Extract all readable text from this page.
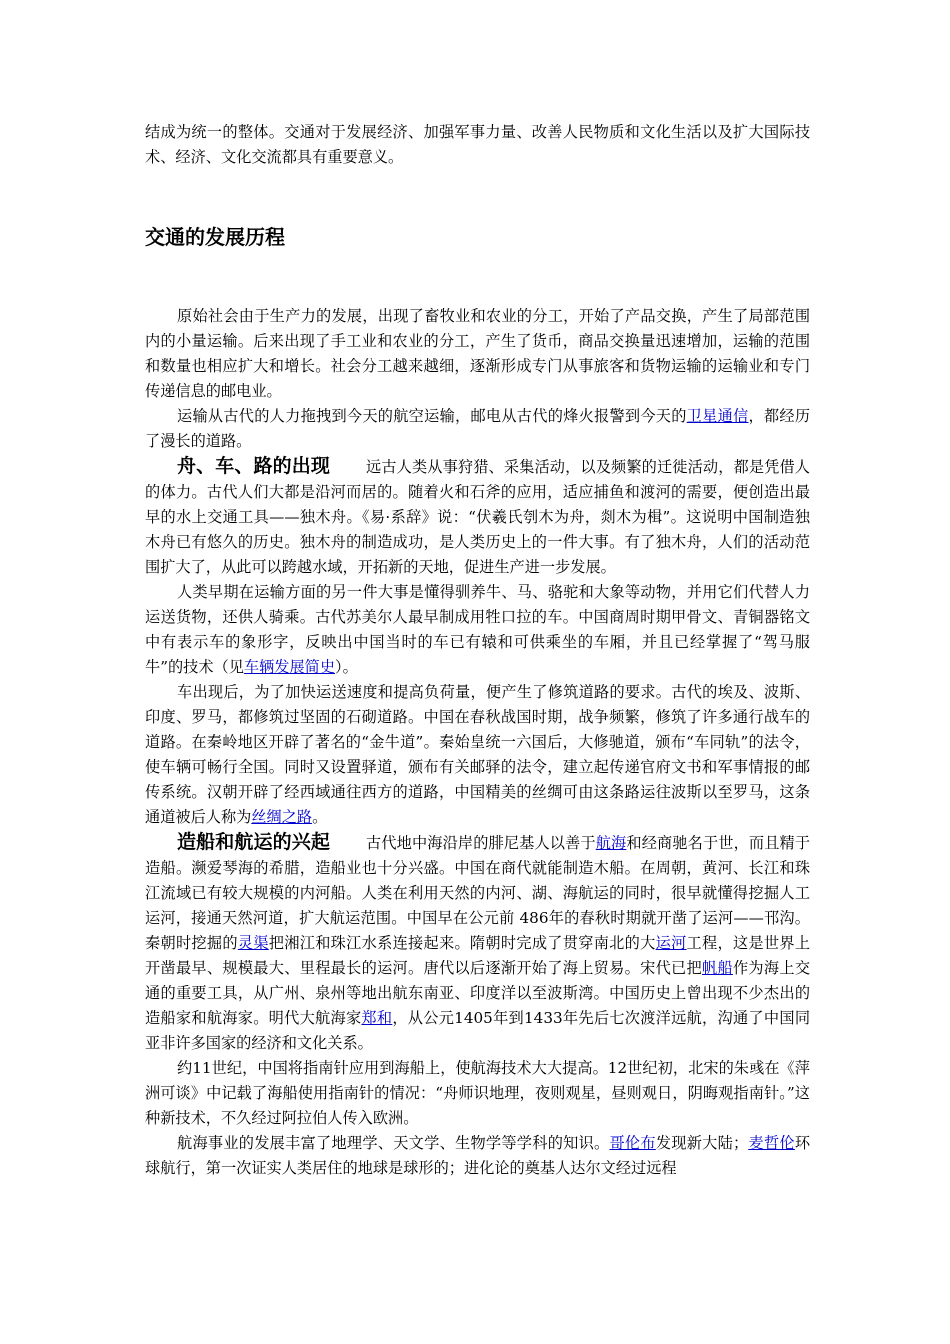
结成为统一的整体。交通对于发展经济、加强军事力量、改善人民物质和文化生活以及扩大国际技术、经济、文化交流都具有重要意义。

交通的发展历程

原始社会由于生产力的发展，出现了畜牧业和农业的分工，开始了产品交换，产生了局部范围内的小量运输。后来出现了手工业和农业的分工，产生了货币，商品交换量迅速增加，运输的范围和数量也相应扩大和增长。社会分工越来越细，逐渐形成专门从事旅客和货物运输的运输业和专门传递信息的邮电业。

运输从古代的人力拖拽到今天的航空运输，邮电从古代的烽火报警到今天的卫星通信，都经历了漫长的道路。

舟、车、路的出现 远古人类从事狩猎、采集活动，以及频繁的迁徙活动，都是凭借人的体力。古代人们大都是沿河而居的。随着火和石斧的应用，适应捕鱼和渡河的需要，便创造出最早的水上交通工具——独木舟。《易·系辞》说：“伏羲氏刳木为舟，剡木为楫”。这说明中国制造独木舟已有悠久的历史。独木舟的制造成功，是人类历史上的一件大事。有了独木舟，人们的活动范围扩大了，从此可以跨越水域，开拓新的天地，促进生产进一步发展。

人类早期在运输方面的另一件大事是懂得驯养牛、马、骆驼和大象等动物，并用它们代替人力运送货物，还供人骑乘。古代苏美尔人最早制成用牲口拉的车。中国商周时期甲骨文、青铜器铭文中有表示车的象形字，反映出中国当时的车已有辕和可供乘坐的车厢，并且已经掌握了“驾马服牛”的技术（见车辆发展简史）。

车出现后，为了加快运送速度和提高负荷量，便产生了修筑道路的要求。古代的埃及、波斯、印度、罗马，都修筑过坚固的石砌道路。中国在春秋战国时期，战争频繁，修筑了许多通行战车的道路。在秦岭地区开辟了著名的“金牛道”。秦始皇统一六国后，大修驰道，颁布“车同轨”的法令，使车辆可畅行全国。同时又设置驿道，颁布有关邮驿的法令，建立起传递官府文书和军事情报的邮传系统。汉朝开辟了经西域通往西方的道路，中国精美的丝绸可由这条路运往波斯以至罗马，这条通道被后人称为丝绸之路。

造船和航运的兴起 古代地中海沿岸的腓尼基人以善于航海和经商驰名于世，而且精于造船。濒爱琴海的希腊，造船业也十分兴盛。中国在商代就能制造木船。在周朝，黄河、长江和珠江流域已有较大规模的内河船。人类在利用天然的内河、湖、海航运的同时，很早就懂得挖掘人工运河，接通天然河道，扩大航运范围。中国早在公元前 486年的春秋时期就开凿了运河——邗沟。秦朝时挖掘的灵渠把湘江和珠江水系连接起来。隋朝时完成了贯穿南北的大运河工程，这是世界上开凿最早、规模最大、里程最长的运河。唐代以后逐渐开始了海上贸易。宋代已把帆船作为海上交通的重要工具，从广州、泉州等地出航东南亚、印度洋以至波斯湾。中国历史上曾出现不少杰出的造船家和航海家。明代大航海家郑和，从公元1405年到1433年先后七次渡洋远航，沟通了中国同亚非许多国家的经济和文化关系。

约11世纪，中国将指南针应用到海船上，使航海技术大大提高。12世纪初，北宋的朱彧在《萍洲可谈》中记载了海船使用指南针的情况：“舟师识地理，夜则观星，昼则观日，阴晦观指南针。”这种新技术，不久经过阿拉伯人传入欧洲。

航海事业的发展丰富了地理学、天文学、生物学等学科的知识。哥伦布发现新大陆；麦哲伦环球航行，第一次证实人类居住的地球是球形的；进化论的奠基人达尔文经过远程
